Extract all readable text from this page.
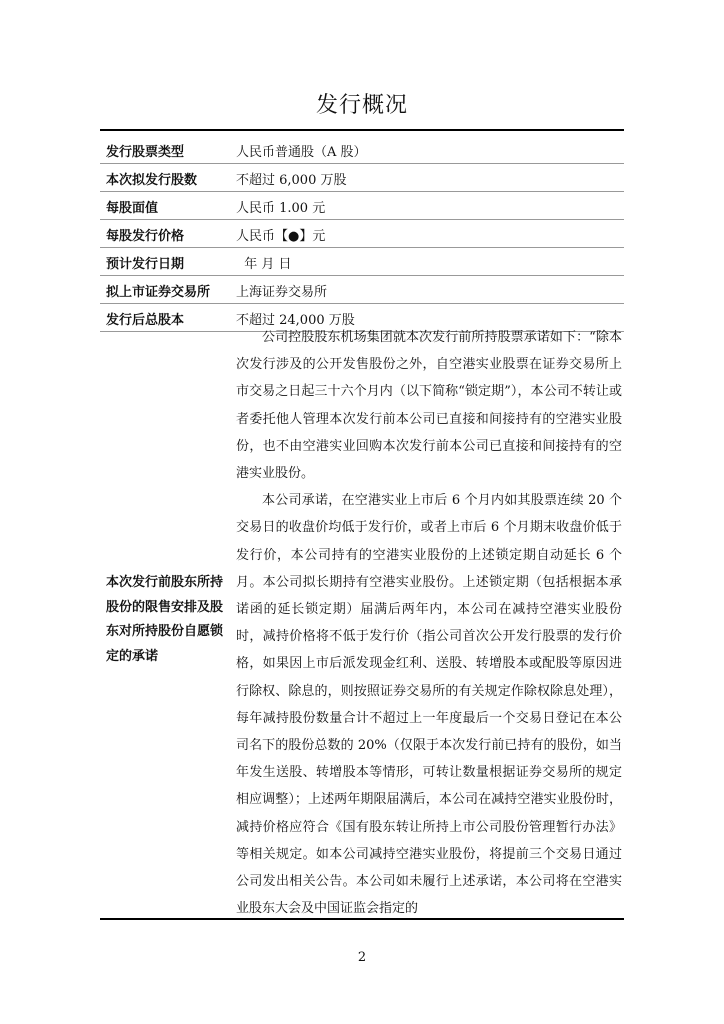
发行概况
发行股票类型	人民币普通股（A 股）
本次拟发行股数	不超过 6,000 万股
每股面值	人民币 1.00 元
每股发行价格	人民币【●】元
预计发行日期	年 月 日
拟上市证券交易所 上海证券交易所
发行后总股本	不超过 24,000 万股
本次发行前股东所持股份的限售安排及股东对所持股份自愿锁定的承诺

公司控股股东机场集团就本次发行前所持股票承诺如下：“除本次发行涉及的公开发售股份之外，自空港实业股票在证券交易所上市交易之日起三十六个月内（以下简称“锁定期”），本公司不转让或者委托他人管理本次发行前本公司已直接和间接持有的空港实业股份，也不由空港实业回购本次发行前本公司已直接和间接持有的空港实业股份。

本公司承诺，在空港实业上市后 6 个月内如其股票连续 20 个交易日的收盘价均低于发行价，或者上市后 6 个月期末收盘价低于发行价，本公司持有的空港实业股份的上述锁定期自动延长 6 个月。本公司拟长期持有空港实业股份。上述锁定期（包括根据本承诺函的延长锁定期）届满后两年内，本公司在减持空港实业股份时，减持价格将不低于发行价（指公司首次公开发行股票的发行价格，如果因上市后派发现金红利、送股、转增股本或配股等原因进行除权、除息的，则按照证券交易所的有关规定作除权除息处理），每年减持股份数量合计不超过上一年度最后一个交易日登记在本公司名下的股份总数的 20%（仅限于本次发行前已持有的股份，如当年发生送股、转增股本等情形，可转让数量根据证券交易所的规定相应调整）；上述两年期限届满后，本公司在减持空港实业股份时，减持价格应符合《国有股东转让所持上市公司股份管理暂行办法》等相关规定。如本公司减持空港实业股份，将提前三个交易日通过公司发出相关公告。本公司如未履行上述承诺，本公司将在空港实业股东大会及中国证监会指定的

2
